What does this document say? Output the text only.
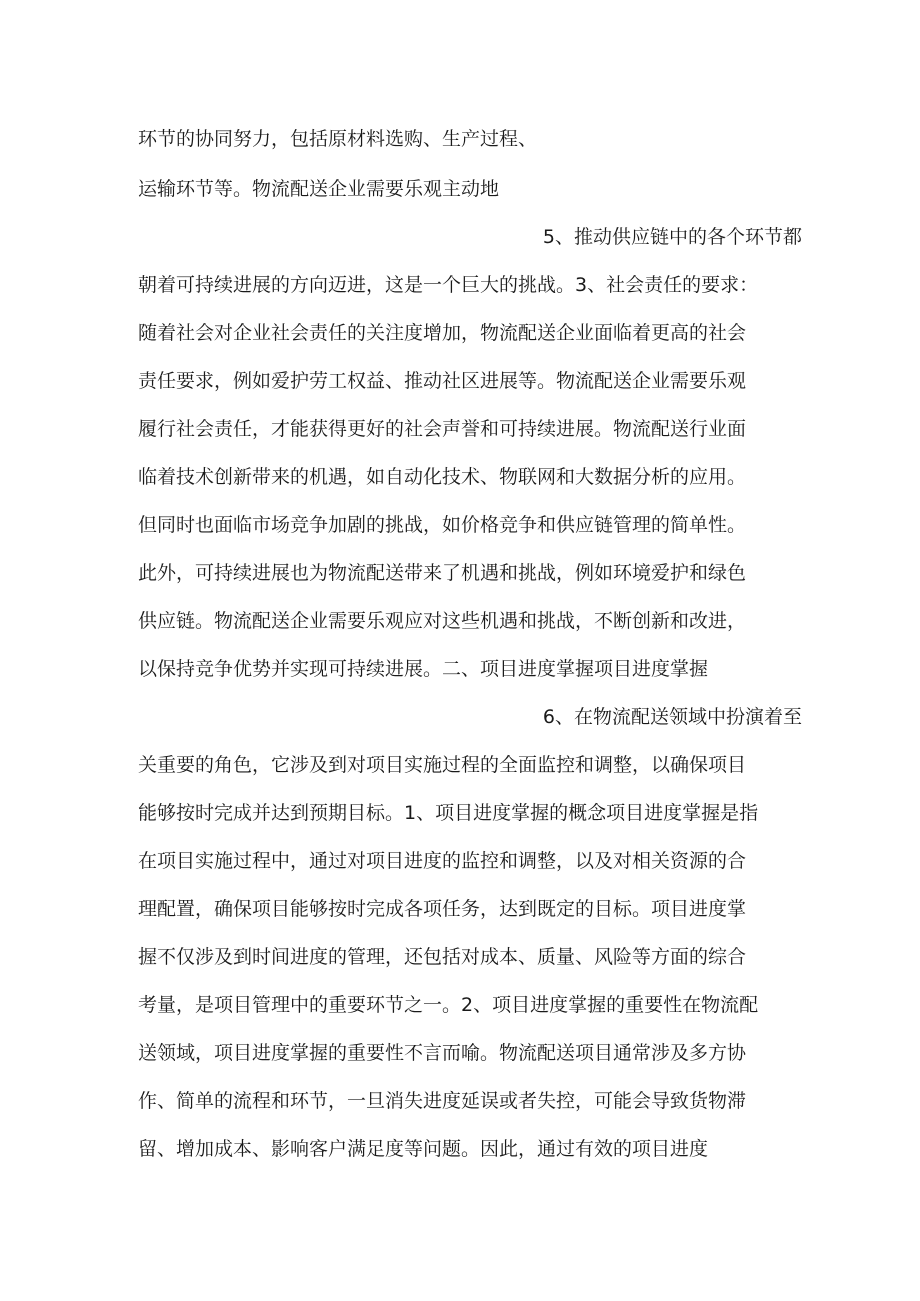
环节的协同努力，包括原材料选购、生产过程、
运输环节等。物流配送企业需要乐观主动地
5、推动供应链中的各个环节都
朝着可持续进展的方向迈进，这是一个巨大的挑战。3、社会责任的要求：
随着社会对企业社会责任的关注度增加，物流配送企业面临着更高的社会
责任要求，例如爱护劳工权益、推动社区进展等。物流配送企业需要乐观
履行社会责任，才能获得更好的社会声誉和可持续进展。物流配送行业面
临着技术创新带来的机遇，如自动化技术、物联网和大数据分析的应用。
但同时也面临市场竞争加剧的挑战，如价格竞争和供应链管理的简单性。
此外，可持续进展也为物流配送带来了机遇和挑战，例如环境爱护和绿色
供应链。物流配送企业需要乐观应对这些机遇和挑战，不断创新和改进，
以保持竞争优势并实现可持续进展。二、项目进度掌握项目进度掌握
6、在物流配送领域中扮演着至
关重要的角色，它涉及到对项目实施过程的全面监控和调整，以确保项目
能够按时完成并达到预期目标。1、项目进度掌握的概念项目进度掌握是指
在项目实施过程中，通过对项目进度的监控和调整，以及对相关资源的合
理配置，确保项目能够按时完成各项任务，达到既定的目标。项目进度掌
握不仅涉及到时间进度的管理，还包括对成本、质量、风险等方面的综合
考量，是项目管理中的重要环节之一。2、项目进度掌握的重要性在物流配
送领域，项目进度掌握的重要性不言而喻。物流配送项目通常涉及多方协
作、简单的流程和环节，一旦消失进度延误或者失控，可能会导致货物滞
留、增加成本、影响客户满足度等问题。因此，通过有效的项目进度
